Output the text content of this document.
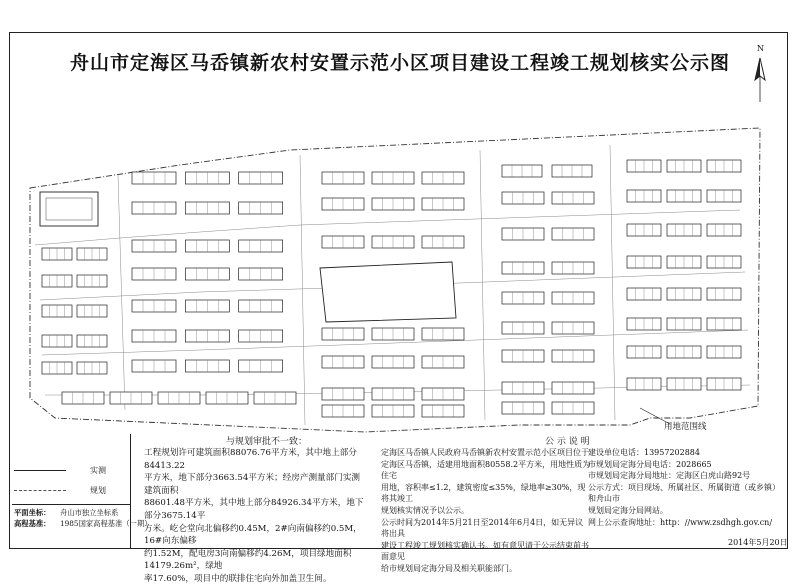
舟山市定海区马岙镇新农村安置示范小区项目建设工程竣工规划核实公示图
N
用地范围线
实测
规划
平面坐标： 舟山市独立坐标系
高程基准： 1985国家高程基准（一期）
与规划审批不一致：
工程规划许可建筑面积88076.76平方米，其中地上部分84413.22
平方米，地下部分3663.54平方米；经房产测量部门实测建筑面积
88601.48平方米，其中地上部分84926.34平方米，地下部分3675.14平
方米。屹仑堂向北偏移约0.45M，2#向南偏移约0.5M，16#向东偏移
约1.52M，配电房3向南偏移约4.26M，项目绿地面积14179.26m²，绿地
率17.60%，项目中的联排住宅向外加盖卫生间。
公 示 说 明
定海区马岙镇人民政府马岙镇新农村安置示范小区项目位于
定海区马岙镇，适建用地面积80558.2平方米，用地性质为住宅
用地，容积率≤1.2，建筑密度≤35%，绿地率≥30%，现将其竣工
规划核实情况予以公示。
公示时间为2014年5月21日至2014年6月4日，如无异议将出具
建设工程竣工规划核实确认书。如有意见请于公示结束前书面意见
给市规划局定海分局及相关职能部门。
建设单位电话：13957202884
市规划局定海分局电话：2028665
市规划局定海分局地址：定海区白虎山路92号
公示方式：项目现场、所属社区、所属街道（或乡镇）和舟山市
规划局定海分局网站。
网上公示查询地址：http：//www.zsdhgh.gov.cn/
2014年5月20日
